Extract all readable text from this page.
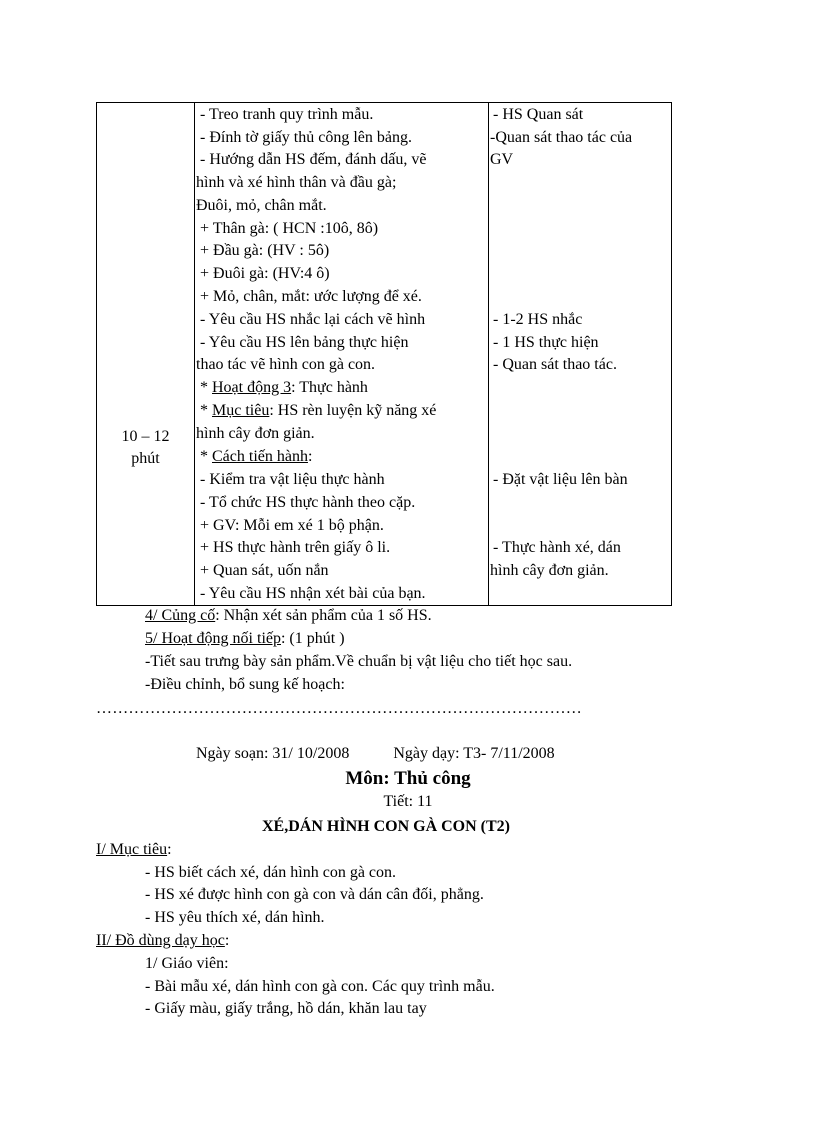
10 – 12
phút
- Treo tranh quy trình mẫu.
- Đính tờ giấy thủ công lên bảng.
- Hướng dẫn HS đếm, đánh dấu, vẽ
hình và xé hình thân và đầu gà;
Đuôi, mỏ, chân mắt.
+ Thân gà: ( HCN :10ô, 8ô)
+ Đầu gà: (HV : 5ô)
+ Đuôi gà: (HV:4 ô)
+ Mỏ, chân, mắt: ước lượng để xé.
- Yêu cầu HS nhắc lại cách vẽ hình
- Yêu cầu HS lên bảng thực hiện
thao tác vẽ hình con gà con.
* Hoạt động 3: Thực hành
* Mục tiêu: HS rèn luyện kỹ năng xé
hình cây đơn giản.
* Cách tiến hành:
- Kiểm tra vật liệu thực hành
- Tổ chức HS thực hành theo cặp.
+ GV: Mỗi em xé 1 bộ phận.
+ HS thực hành trên giấy ô li.
+ Quan sát, uốn nắn
- Yêu cầu HS nhận xét bài của bạn.
- HS Quan sát
-Quan sát thao tác của
GV
- 1-2 HS nhắc
- 1 HS thực hiện
- Quan sát thao tác.
- Đặt vật liệu lên bàn
- Thực hành xé, dán
hình cây đơn giản.
4/ Củng cố: Nhận xét sản phẩm của 1 số HS.
5/ Hoạt động nối tiếp: (1 phút )
-Tiết sau trưng bày sản phẩm.Về chuẩn bị vật liệu cho tiết học sau.
-Điều chỉnh, bổ sung kế hoạch:
………………………………………………………………………………
Ngày soạn: 31/ 10/2008           Ngày dạy: T3- 7/11/2008
Môn: Thủ công
Tiết: 11
XÉ,DÁN HÌNH CON GÀ CON (T2)
I/ Mục tiêu:
- HS biết cách xé, dán hình con gà con.
- HS xé được hình con gà con và dán cân đối, phẳng.
- HS yêu thích xé, dán hình.
II/ Đồ dùng dạy học:
1/ Giáo viên:
- Bài mẫu xé, dán hình con gà con. Các quy trình mẫu.
- Giấy màu, giấy trắng, hồ dán, khăn lau tay
